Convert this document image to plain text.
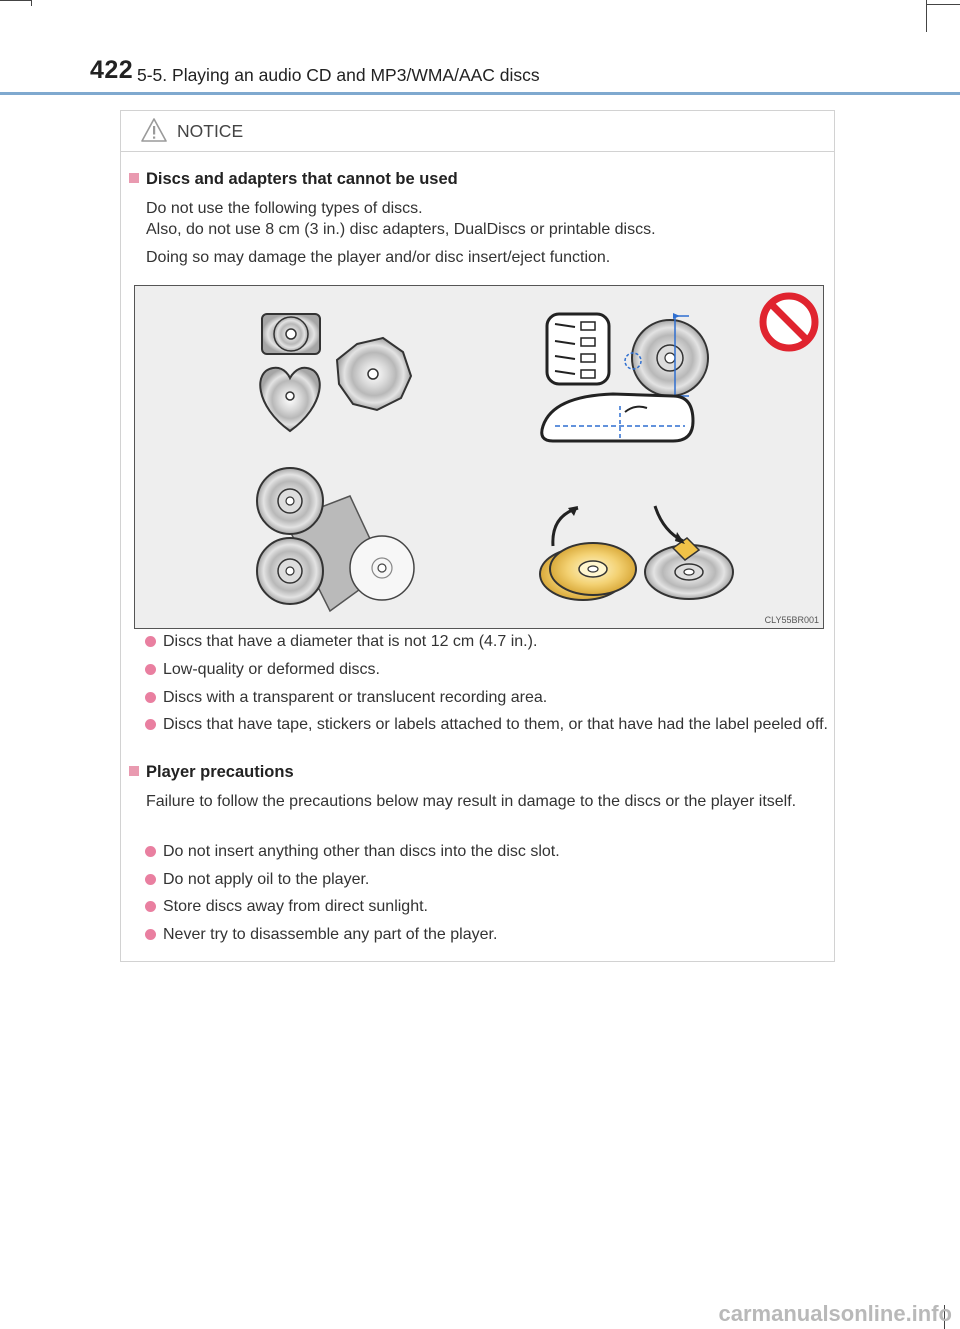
422 5-5. Playing an audio CD and MP3/WMA/AAC discs
NOTICE
Discs and adapters that cannot be used
Do not use the following types of discs.
Also, do not use 8 cm (3 in.) disc adapters, DualDiscs or printable discs.
Doing so may damage the player and/or disc insert/eject function.
CLY55BR001
Discs that have a diameter that is not 12 cm (4.7 in.).
Low-quality or deformed discs.
Discs with a transparent or translucent recording area.
Discs that have tape, stickers or labels attached to them, or that have had the label peeled off.
Player precautions
Failure to follow the precautions below may result in damage to the discs or the player itself.
Do not insert anything other than discs into the disc slot.
Do not apply oil to the player.
Store discs away from direct sunlight.
Never try to disassemble any part of the player.
carmanualsonline.info
